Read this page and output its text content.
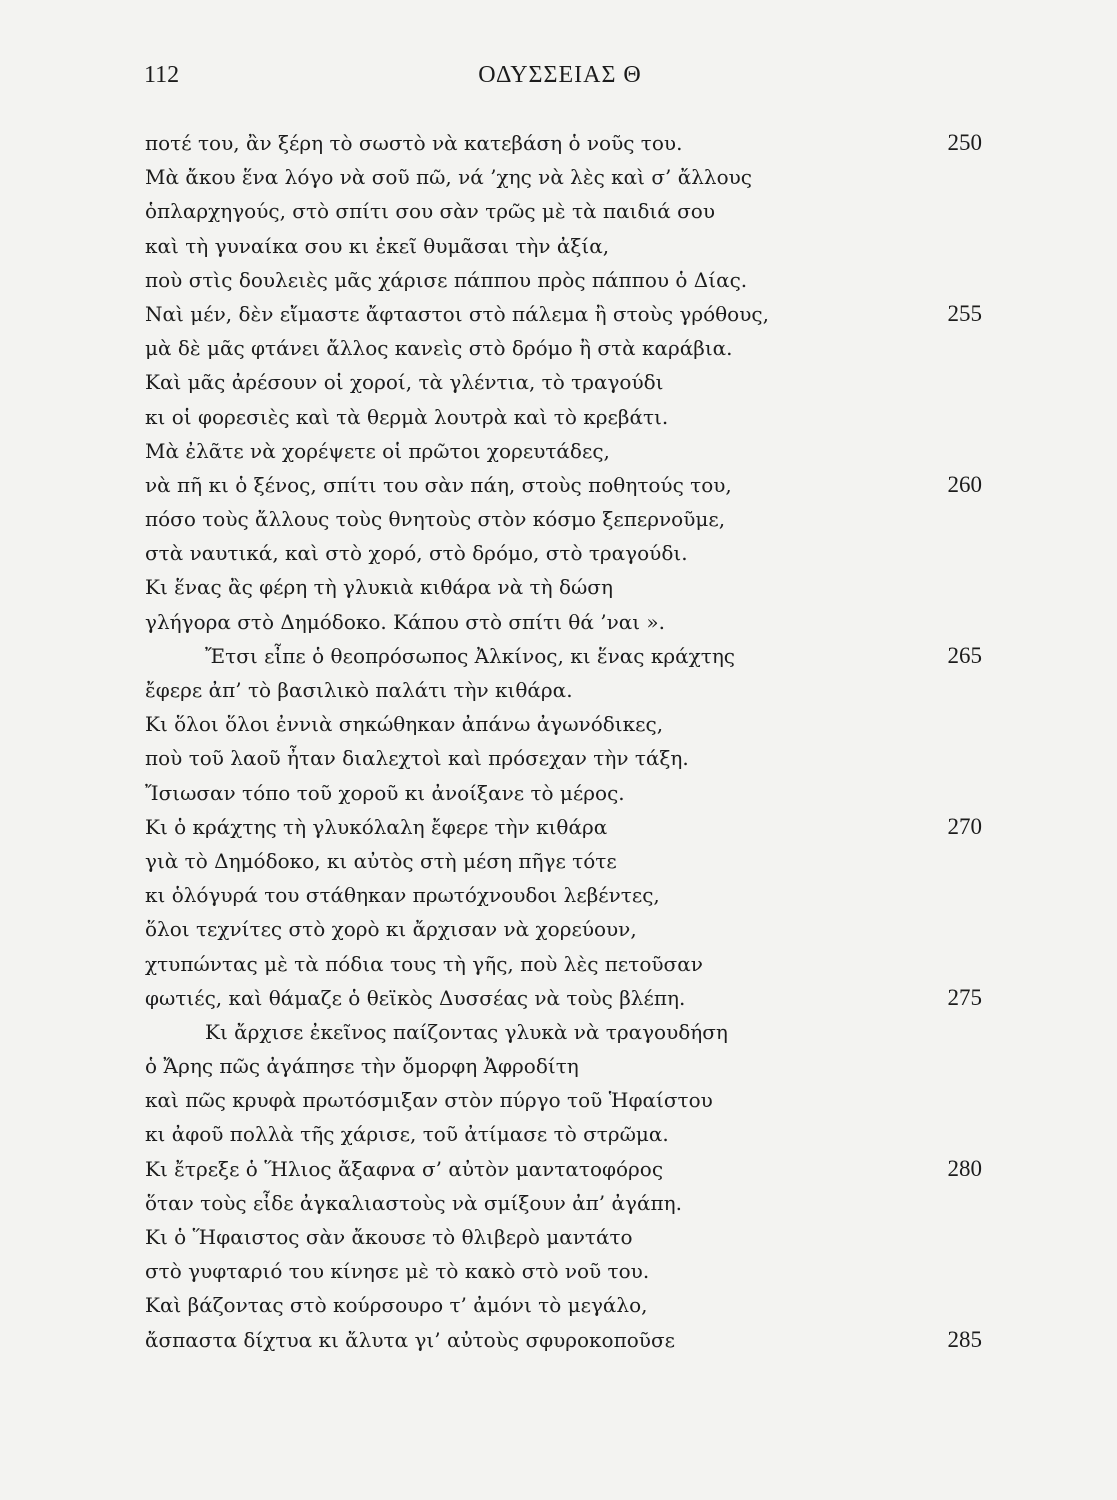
112	ΟΔΥΣΣΕΙΑΣ Θ
ποτέ του, ἂν ξέρη τὸ σωστὸ νὰ κατεβάση ὁ νοῦς του.	250
Μὰ ἄκου ἕνα λόγο νὰ σοῦ πῶ, νά ’χης νὰ λὲς καὶ σ’ ἄλλους
ὁπλαρχηγούς, στὸ σπίτι σου σὰν τρῶς μὲ τὰ παιδιά σου
καὶ τὴ γυναίκα σου κι ἐκεῖ θυμᾶσαι τὴν ἀξία,
ποὺ στὶς δουλειὲς μᾶς χάρισε πάππου πρὸς πάππου ὁ Δίας.
Ναὶ μέν, δὲν εἴμαστε ἄφταστοι στὸ πάλεμα ἢ στοὺς γρόθους,	255
μὰ δὲ μᾶς φτάνει ἄλλος κανεὶς στὸ δρόμο ἢ στὰ καράβια.
Καὶ μᾶς ἀρέσουν οἱ χοροί, τὰ γλέντια, τὸ τραγούδι
κι οἱ φορεσιὲς καὶ τὰ θερμὰ λουτρὰ καὶ τὸ κρεβάτι.
Μὰ ἐλᾶτε νὰ χορέψετε οἱ πρῶτοι χορευτάδες,
νὰ πῆ κι ὁ ξένος, σπίτι του σὰν πάη, στοὺς ποθητούς του,	260
πόσο τοὺς ἄλλους τοὺς θνητοὺς στὸν κόσμο ξεπερνοῦμε,
στὰ ναυτικά, καὶ στὸ χορό, στὸ δρόμο, στὸ τραγούδι.
Κι ἕνας ἂς φέρη τὴ γλυκιὰ κιθάρα νὰ τὴ δώση
γλήγορα στὸ Δημόδοκο. Κάπου στὸ σπίτι θά ’ναι ».
Ἔτσι εἶπε ὁ θεοπρόσωπος Ἀλκίνος, κι ἕνας κράχτης	265
ἔφερε ἀπ’ τὸ βασιλικὸ παλάτι τὴν κιθάρα.
Κι ὅλοι ὅλοι ἐννιὰ σηκώθηκαν ἀπάνω ἀγωνόδικες,
ποὺ τοῦ λαοῦ ἦταν διαλεχτοὶ καὶ πρόσεχαν τὴν τάξη.
Ἴσιωσαν τόπο τοῦ χοροῦ κι ἀνοίξανε τὸ μέρος.
Κι ὁ κράχτης τὴ γλυκόλαλη ἔφερε τὴν κιθάρα	270
γιὰ τὸ Δημόδοκο, κι αὐτὸς στὴ μέση πῆγε τότε
κι ὁλόγυρά του στάθηκαν πρωτόχνουδοι λεβέντες,
ὅλοι τεχνίτες στὸ χορὸ κι ἄρχισαν νὰ χορεύουν,
χτυπώντας μὲ τὰ πόδια τους τὴ γῆς, ποὺ λὲς πετοῦσαν
φωτιές, καὶ θάμαζε ὁ θεϊκὸς Δυσσέας νὰ τοὺς βλέπη.	275
Κι ἄρχισε ἐκεῖνος παίζοντας γλυκὰ νὰ τραγουδήση
ὁ Ἄρης πῶς ἀγάπησε τὴν ὄμορφη Ἀφροδίτη
καὶ πῶς κρυφὰ πρωτόσμιξαν στὸν πύργο τοῦ Ἡφαίστου
κι ἀφοῦ πολλὰ τῆς χάρισε, τοῦ ἀτίμασε τὸ στρῶμα.
Κι ἔτρεξε ὁ Ἥλιος ἄξαφνα σ’ αὐτὸν μαντατοφόρος	280
ὅταν τοὺς εἶδε ἀγκαλιαστοὺς νὰ σμίξουν ἀπ’ ἀγάπη.
Κι ὁ Ἥφαιστος σὰν ἄκουσε τὸ θλιβερὸ μαντάτο
στὸ γυφταριό του κίνησε μὲ τὸ κακὸ στὸ νοῦ του.
Καὶ βάζοντας στὸ κούρσουρο τ’ ἀμόνι τὸ μεγάλο,
ἄσπαστα δίχτυα κι ἄλυτα γι’ αὐτοὺς σφυροκοποῦσε	285
